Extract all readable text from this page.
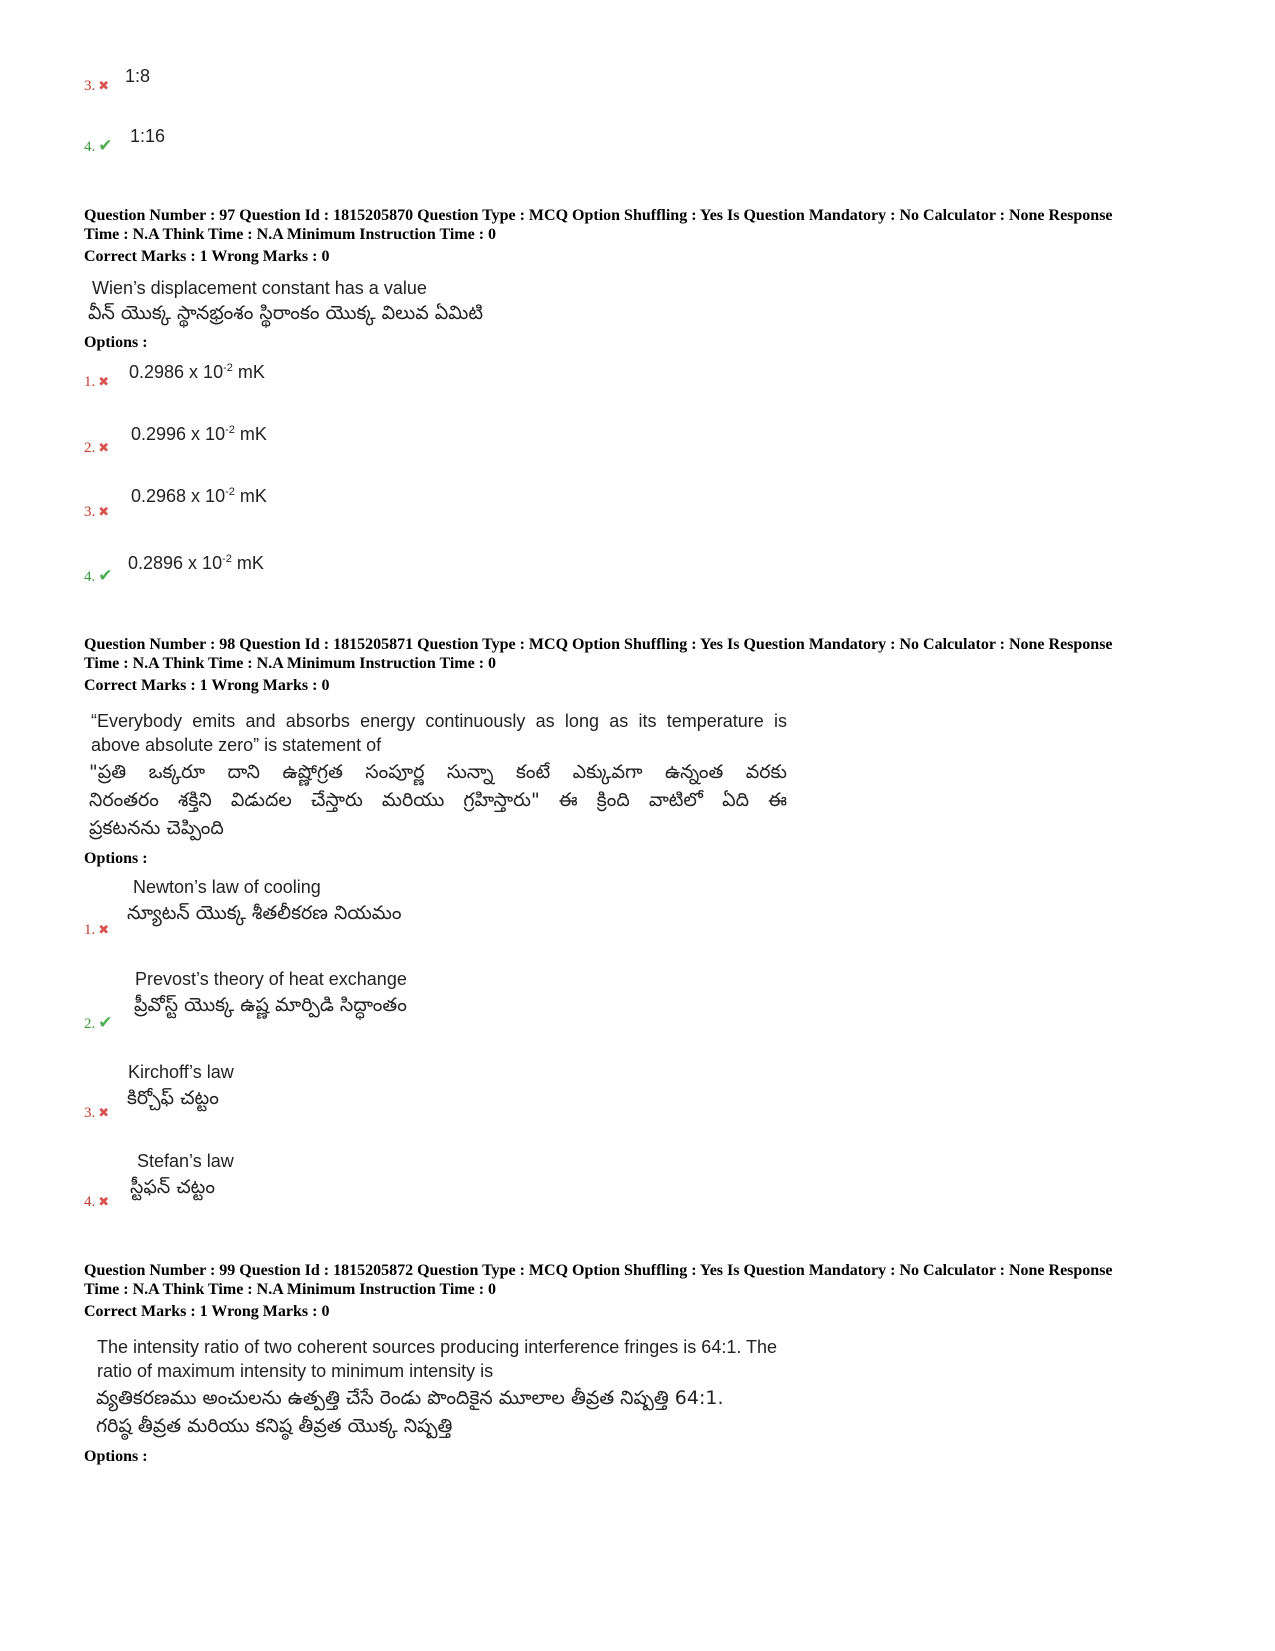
3. ✖
1:8
4. ✔ 1:16
Question Number : 97 Question Id : 1815205870 Question Type : MCQ Option Shuffling : Yes Is Question Mandatory : No Calculator : None Response
Time : N.A Think Time : N.A Minimum Instruction Time : 0
Correct Marks : 1 Wrong Marks : 0
Wien’s displacement constant has a value
వీన్ యొక్క స్థానభ్రంశం స్థిరాంకం యొక్క విలువ ఏమిటి
Options :
1. ✖
0.2986 x $10^{-2}$ mK
2. ✖
0.2996 x $10^{-2}$ mK
3. ✖
0.2968 x $10^{-2}$ mK
4. ✔
0.2896 x $10^{-2}$ mK
Question Number : 98 Question Id : 1815205871 Question Type : MCQ Option Shuffling : Yes Is Question Mandatory : No Calculator : None Response
Time : N.A Think Time : N.A Minimum Instruction Time : 0
Correct Marks : 1 Wrong Marks : 0
“Everybody emits and absorbs energy continuously as long as its temperature is
above absolute zero” is statement of
"ప్రతి ఒక్కరూ దాని ఉష్ణోగ్రత సంపూర్ణ సున్నా కంటే ఎక్కువగా ఉన్నంత వరకు
నిరంతరం శక్తిని విడుదల చేస్తారు మరియు గ్రహిస్తారు" ఈ క్రింది వాటిలో ఏది ఈ
ప్రకటనను చెప్పింది
Options :
Newton’s law of cooling
న్యూటన్ యొక్క శీతలీకరణ నియమం
1. ✖
Prevost’s theory of heat exchange
ప్రీవోస్ట్ యొక్క ఉష్ణ మార్పిడి సిద్ధాంతం
2. ✔
Kirchoff’s law
కిర్చోఫ్ చట్టం
3. ✖
Stefan’s law
స్టీఫన్ చట్టం
4. ✖
Question Number : 99 Question Id : 1815205872 Question Type : MCQ Option Shuffling : Yes Is Question Mandatory : No Calculator : None Response
Time : N.A Think Time : N.A Minimum Instruction Time : 0
Correct Marks : 1 Wrong Marks : 0
The intensity ratio of two coherent sources producing interference fringes is 64:1. The
ratio of maximum intensity to minimum intensity is
వ్యతికరణము అంచులను ఉత్పత్తి చేసే రెండు పొందికైన మూలాల తీవ్రత నిష్పత్తి 64:1.
గరిష్ఠ తీవ్రత మరియు కనిష్ఠ తీవ్రత యొక్క నిష్పత్తి
Options :
